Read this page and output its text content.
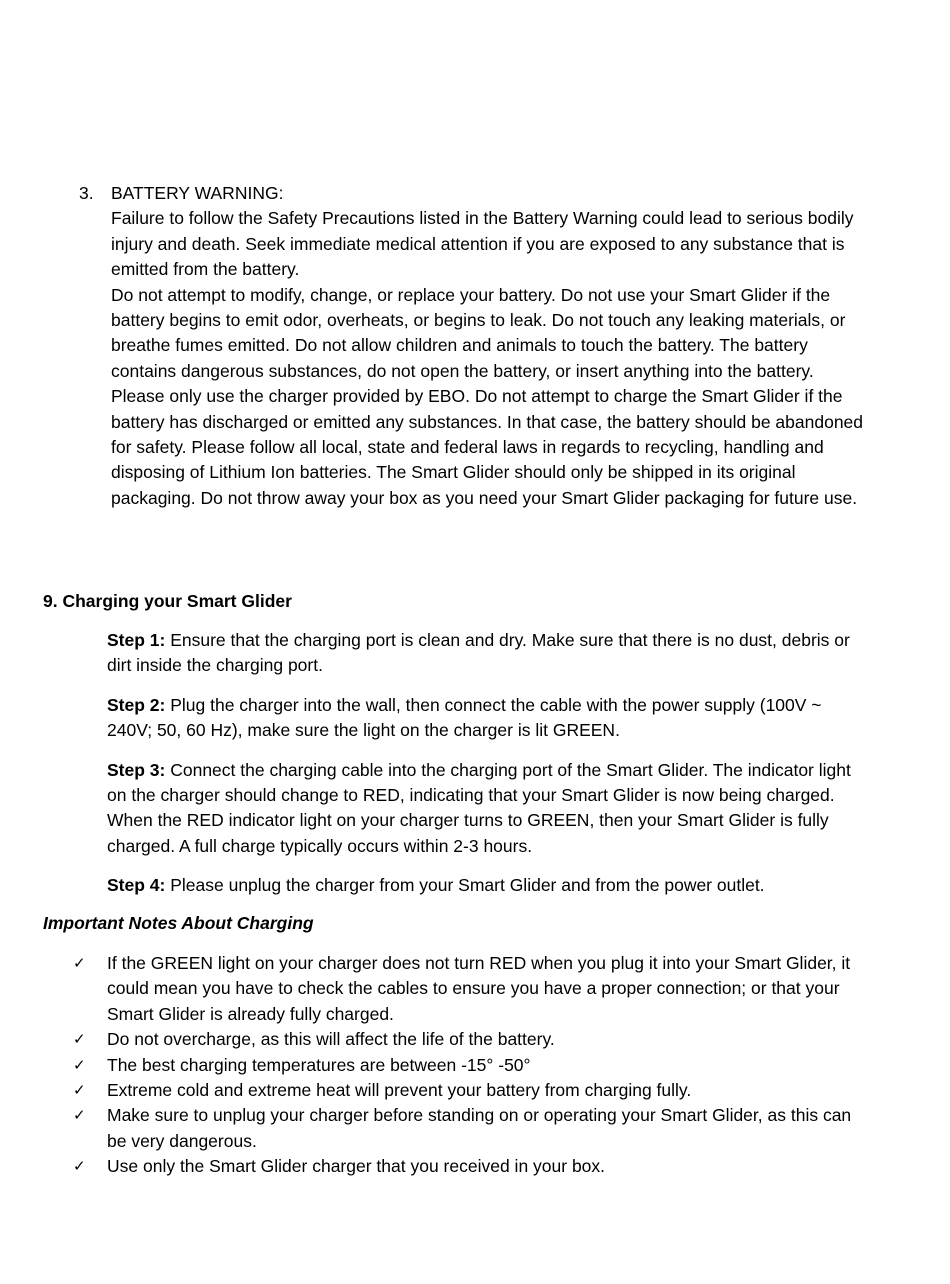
3. BATTERY WARNING:

Failure to follow the Safety Precautions listed in the Battery Warning could lead to serious bodily injury and death. Seek immediate medical attention if you are exposed to any substance that is emitted from the battery.

Do not attempt to modify, change, or replace your battery. Do not use your Smart Glider if the battery begins to emit odor, overheats, or begins to leak. Do not touch any leaking materials, or breathe fumes emitted. Do not allow children and animals to touch the battery. The battery contains dangerous substances, do not open the battery, or insert anything into the battery. Please only use the charger provided by EBO. Do not attempt to charge the Smart Glider if the battery has discharged or emitted any substances. In that case, the battery should be abandoned for safety. Please follow all local, state and federal laws in regards to recycling, handling and disposing of Lithium Ion batteries. The Smart Glider should only be shipped in its original packaging. Do not throw away your box as you need your Smart Glider packaging for future use.

9. Charging your Smart Glider

Step 1: Ensure that the charging port is clean and dry. Make sure that there is no dust, debris or dirt inside the charging port.

Step 2: Plug the charger into the wall, then connect the cable with the power supply (100V ~ 240V; 50, 60 Hz), make sure the light on the charger is lit GREEN.

Step 3: Connect the charging cable into the charging port of the Smart Glider. The indicator light on the charger should change to RED, indicating that your Smart Glider is now being charged. When the RED indicator light on your charger turns to GREEN, then your Smart Glider is fully charged. A full charge typically occurs within 2-3 hours.

Step 4: Please unplug the charger from your Smart Glider and from the power outlet.

Important Notes About Charging

✓	If the GREEN light on your charger does not turn RED when you plug it into your Smart Glider, it could mean you have to check the cables to ensure you have a proper connection; or that your Smart Glider is already fully charged.
✓	Do not overcharge, as this will affect the life of the battery.
✓	The best charging temperatures are between -15° -50°
✓	Extreme cold and extreme heat will prevent your battery from charging fully.
✓	Make sure to unplug your charger before standing on or operating your Smart Glider, as this can be very dangerous.
✓	Use only the Smart Glider charger that you received in your box.
